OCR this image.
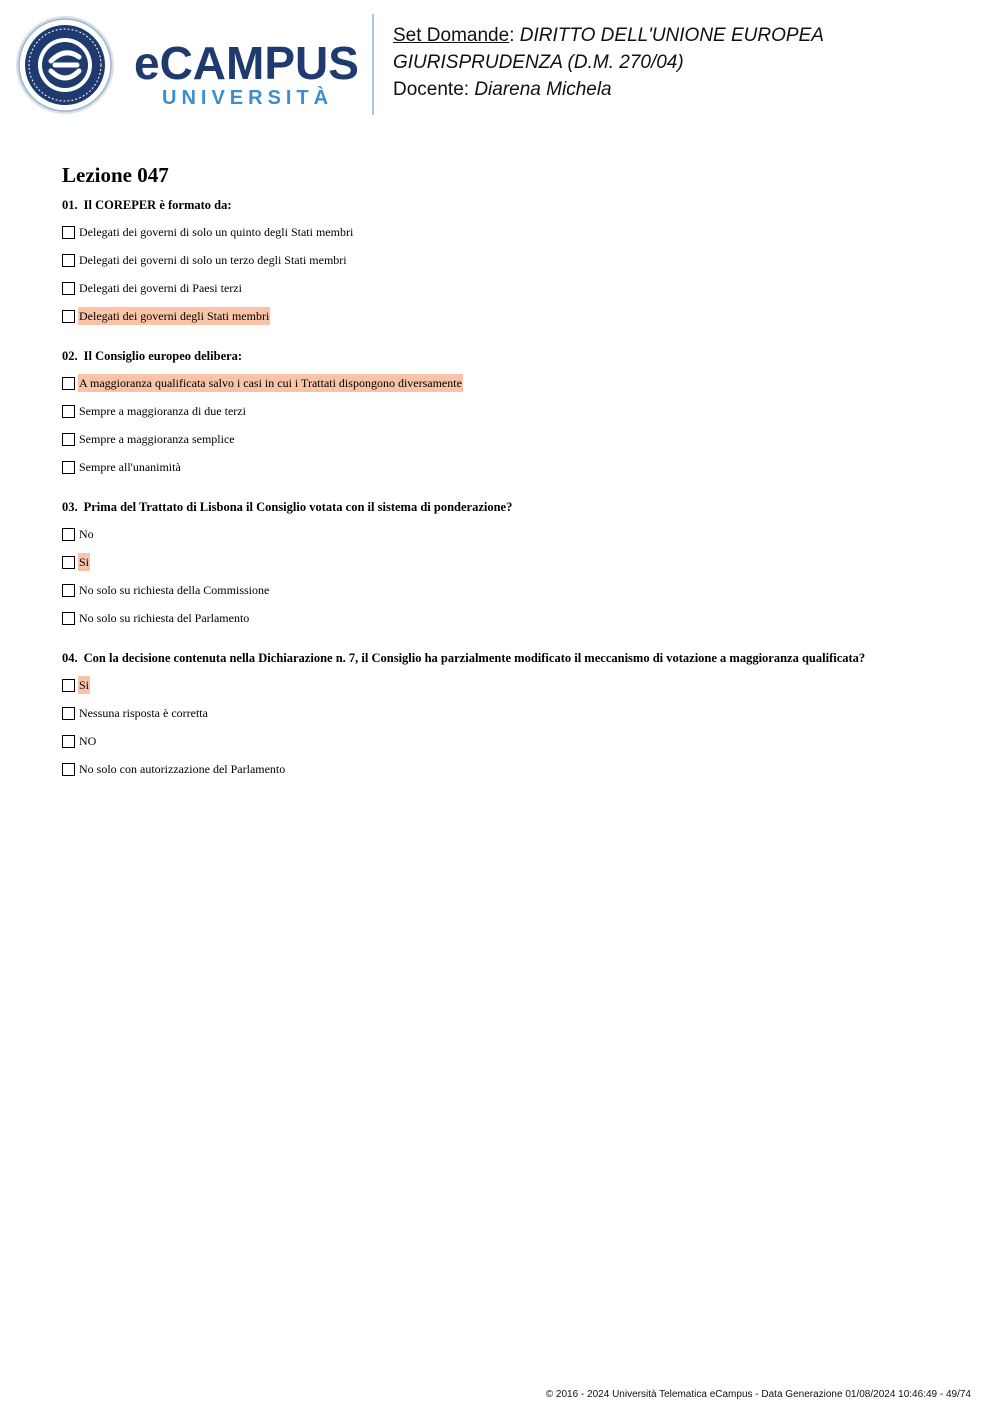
eCAMPUS
UNIVERSITÀ
Set Domande: DIRITTO DELL'UNIONE EUROPEA
GIURISPRUDENZA (D.M. 270/04)
Docente: Diarena Michela
Lezione 047
01. Il COREPER è formato da:
Delegati dei governi di solo un quinto degli Stati membri
Delegati dei governi di solo un terzo degli Stati membri
Delegati dei governi di Paesi terzi
Delegati dei governi degli Stati membri
02. Il Consiglio europeo delibera:
A maggioranza qualificata salvo i casi in cui i Trattati dispongono diversamente
Sempre a maggioranza di due terzi
Sempre a maggioranza semplice
Sempre all'unanimità
03. Prima del Trattato di Lisbona il Consiglio votata con il sistema di ponderazione?
No
Si
No solo su richiesta della Commissione
No solo su richiesta del Parlamento
04. Con la decisione contenuta nella Dichiarazione n. 7, il Consiglio ha parzialmente modificato il meccanismo di votazione a maggioranza qualificata?
Si
Nessuna risposta è corretta
NO
No solo con autorizzazione del Parlamento
© 2016 - 2024 Università Telematica eCampus - Data Generazione 01/08/2024 10:46:49 - 49/74
